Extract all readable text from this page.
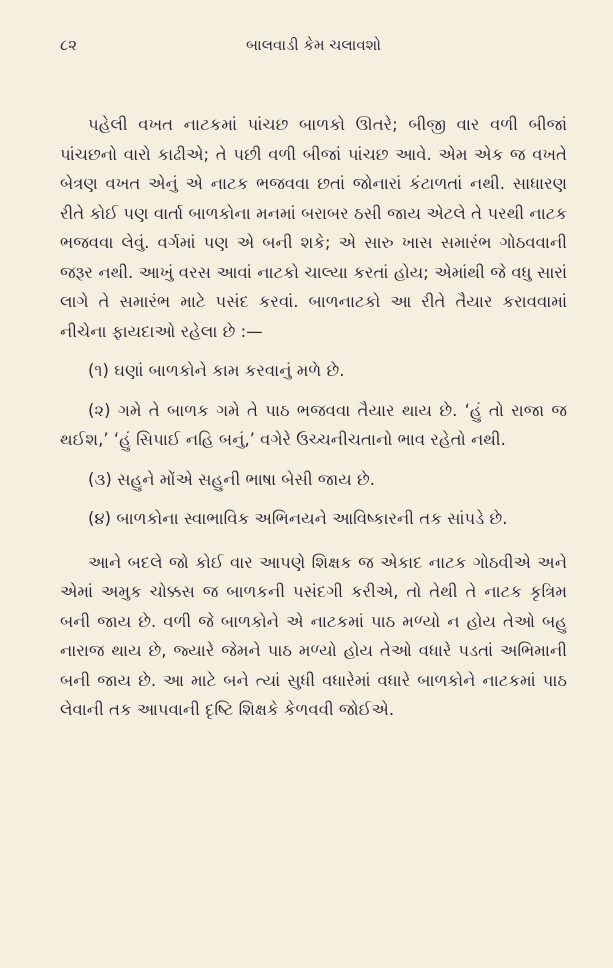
૮૨	બાલવાડી કેમ ચલાવશો

પહેલી વખત નાટકમાં પાંચછ બાળકો ઊતરે; બીજી વાર વળી બીજાં પાંચછનો વારો કાઢીએ; તે પછી વળી બીજાં પાંચછ આવે. એમ એક જ વખતે બેત્રણ વખત એનું એ નાટક ભજવવા છતાં જોનારાં કંટાળતાં નથી. સાધારણ રીતે કોઈ પણ વાર્તા બાળકોના મનમાં બરાબર ઠસી જાય એટલે તે પરથી નાટક ભજવવા લેવું. વર્ગમાં પણ એ બની શકે; એ સારુ ખાસ સમારંભ ગોઠવવાની જરૂર નથી. આખું વરસ આવાં નાટકો ચાલ્યા કરતાં હોય; એમાંથી જે વધુ સારાં લાગે તે સમારંભ માટે પસંદ કરવાં. બાળનાટકો આ રીતે તૈયાર કરાવવામાં નીચેના ફાયદાઓ રહેલા છે :—

(૧) ઘણાં બાળકોને કામ કરવાનું મળે છે.

(૨) ગમે તે બાળક ગમે તે પાઠ ભજવવા તૈયાર થાય છે. ‘હું તો રાજા જ થઈશ,’ ‘હું સિપાઈ નહિ બનું,’ વગેરે ઉચ્ચનીચતાનો ભાવ રહેતો નથી.

(૩) સહુને મોંએ સહુની ભાષા બેસી જાય છે.

(૪) બાળકોના સ્વાભાવિક અભિનયને આવિષ્કારની તક સાંપડે છે.

આને બદલે જો કોઈ વાર આપણે શિક્ષક જ એકાદ નાટક ગોઠવીએ અને એમાં અમુક ચોક્કસ જ બાળકની પસંદગી કરીએ, તો તેથી તે નાટક કૃત્રિમ બની જાય છે. વળી જે બાળકોને એ નાટકમાં પાઠ મળ્યો ન હોય તેઓ બહુ નારાજ થાય છે, જ્યારે જેમને પાઠ મળ્યો હોય તેઓ વધારે પડતાં અભિમાની બની જાય છે. આ માટે બને ત્યાં સુધી વધારેમાં વધારે બાળકોને નાટકમાં પાઠ લેવાની તક આપવાની દૃષ્ટિ શિક્ષકે કેળવવી જોઈએ.
